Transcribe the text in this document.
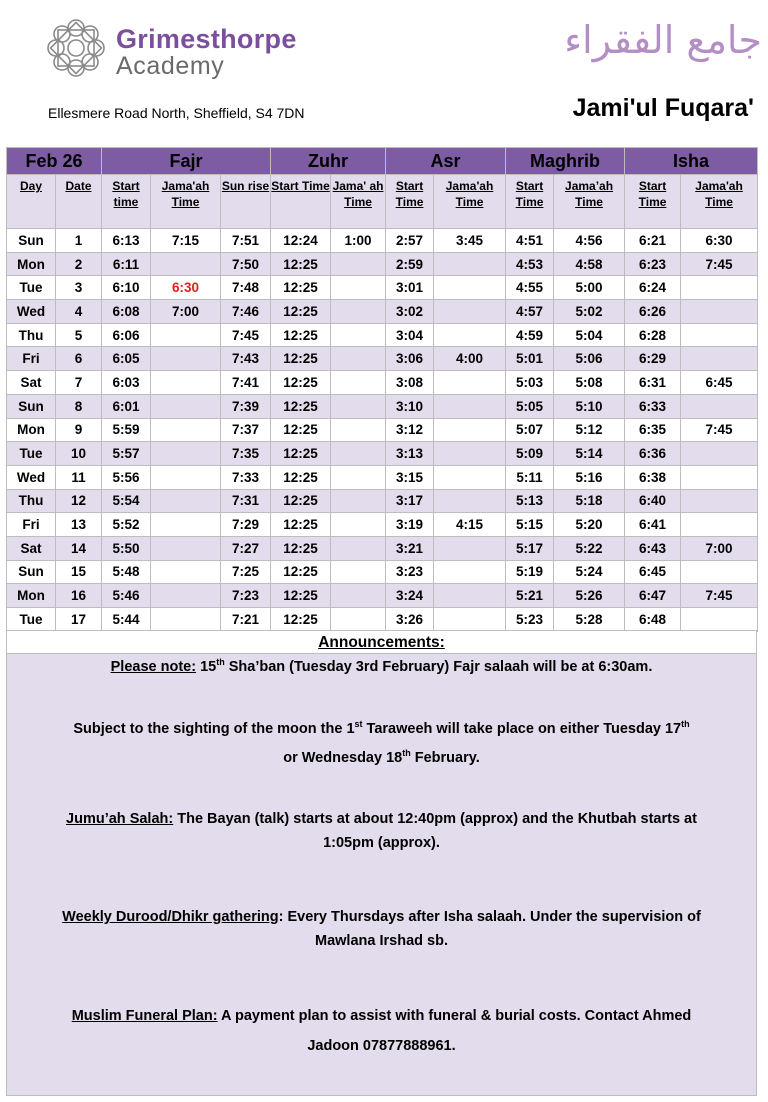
Grimesthorpe
Academy
جامع الفقراء
Ellesmere Road North, Sheffield, S4 7DN	Jami'ul Fuqara'
Feb 26		Fajr			Zuhr		Asr		Maghrib		Isha	
Day	Date	Start time	Jama'ah Time	Sun rise	Start Time	Jama' ah Time	Start Time	Jama'ah Time	Start Time	Jama’ah Time	Start Time	Jama'ah Time
Sun	1	6:13	7:15	7:51	12:24	1:00	2:57	3:45	4:51	4:56	6:21	6:30
Mon	2	6:11		7:50	12:25		2:59		4:53	4:58	6:23	7:45
Tue	3	6:10	6:30	7:48	12:25		3:01		4:55	5:00	6:24	
Wed	4	6:08	7:00	7:46	12:25		3:02		4:57	5:02	6:26	
Thu	5	6:06		7:45	12:25		3:04		4:59	5:04	6:28	
Fri	6	6:05		7:43	12:25		3:06	4:00	5:01	5:06	6:29	
Sat	7	6:03		7:41	12:25		3:08		5:03	5:08	6:31	6:45
Sun	8	6:01		7:39	12:25		3:10		5:05	5:10	6:33	
Mon	9	5:59		7:37	12:25		3:12		5:07	5:12	6:35	7:45
Tue	10	5:57		7:35	12:25		3:13		5:09	5:14	6:36	
Wed	11	5:56		7:33	12:25		3:15		5:11	5:16	6:38	
Thu	12	5:54		7:31	12:25		3:17		5:13	5:18	6:40	
Fri	13	5:52		7:29	12:25		3:19	4:15	5:15	5:20	6:41	
Sat	14	5:50		7:27	12:25		3:21		5:17	5:22	6:43	7:00
Sun	15	5:48		7:25	12:25		3:23		5:19	5:24	6:45	
Mon	16	5:46		7:23	12:25		3:24		5:21	5:26	6:47	7:45
Tue	17	5:44		7:21	12:25		3:26		5:23	5:28	6:48	
Announcements:

Please note: 15th Sha’ban (Tuesday 3rd February) Fajr salaah will be at 6:30am.

Subject to the sighting of the moon the 1st Taraweeh will take place on either Tuesday 17th
or Wednesday 18th February.

Jumu’ah Salah: The Bayan (talk) starts at about 12:40pm (approx) and the Khutbah starts at
1:05pm (approx).

Weekly Durood/Dhikr gathering: Every Thursdays after Isha salaah. Under the supervision of
Mawlana Irshad sb.

Muslim Funeral Plan: A payment plan to assist with funeral & burial costs. Contact Ahmed
Jadoon 07877888961.
